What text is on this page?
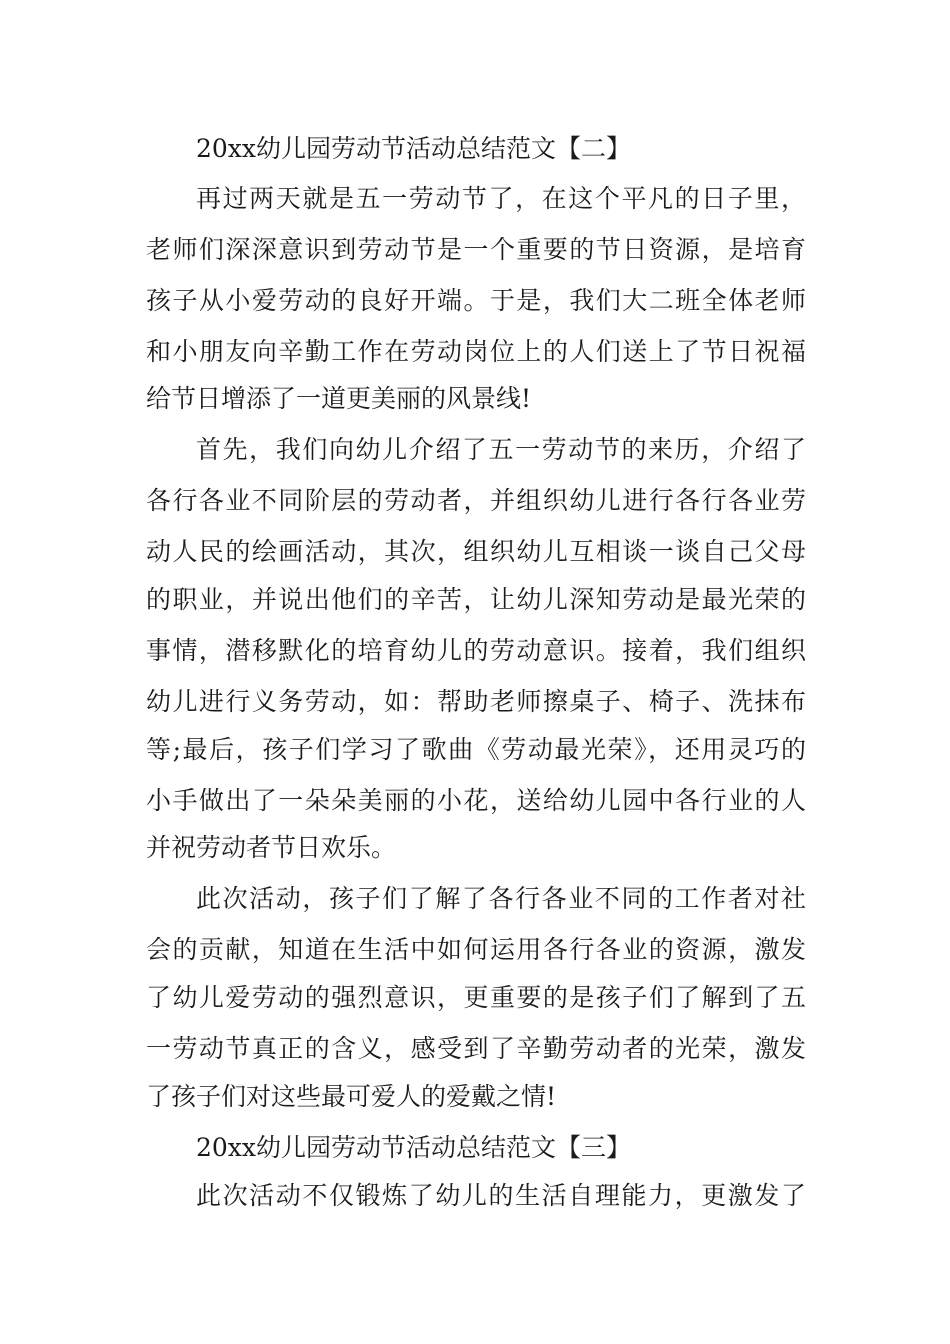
20xx幼儿园劳动节活动总结范文【二】
再过两天就是五一劳动节了，在这个平凡的日子里，
老师们深深意识到劳动节是一个重要的节日资源，是培育
孩子从小爱劳动的良好开端。于是，我们大二班全体老师
和小朋友向辛勤工作在劳动岗位上的人们送上了节日祝福
给节日增添了一道更美丽的风景线!
首先，我们向幼儿介绍了五一劳动节的来历，介绍了
各行各业不同阶层的劳动者，并组织幼儿进行各行各业劳
动人民的绘画活动，其次，组织幼儿互相谈一谈自己父母
的职业，并说出他们的辛苦，让幼儿深知劳动是最光荣的
事情，潜移默化的培育幼儿的劳动意识。接着，我们组织
幼儿进行义务劳动，如：帮助老师擦桌子、椅子、洗抹布
等;最后，孩子们学习了歌曲《劳动最光荣》，还用灵巧的
小手做出了一朵朵美丽的小花，送给幼儿园中各行业的人
并祝劳动者节日欢乐。
此次活动，孩子们了解了各行各业不同的工作者对社
会的贡献，知道在生活中如何运用各行各业的资源，激发
了幼儿爱劳动的强烈意识，更重要的是孩子们了解到了五
一劳动节真正的含义，感受到了辛勤劳动者的光荣，激发
了孩子们对这些最可爱人的爱戴之情!
20xx幼儿园劳动节活动总结范文【三】
此次活动不仅锻炼了幼儿的生活自理能力，更激发了
